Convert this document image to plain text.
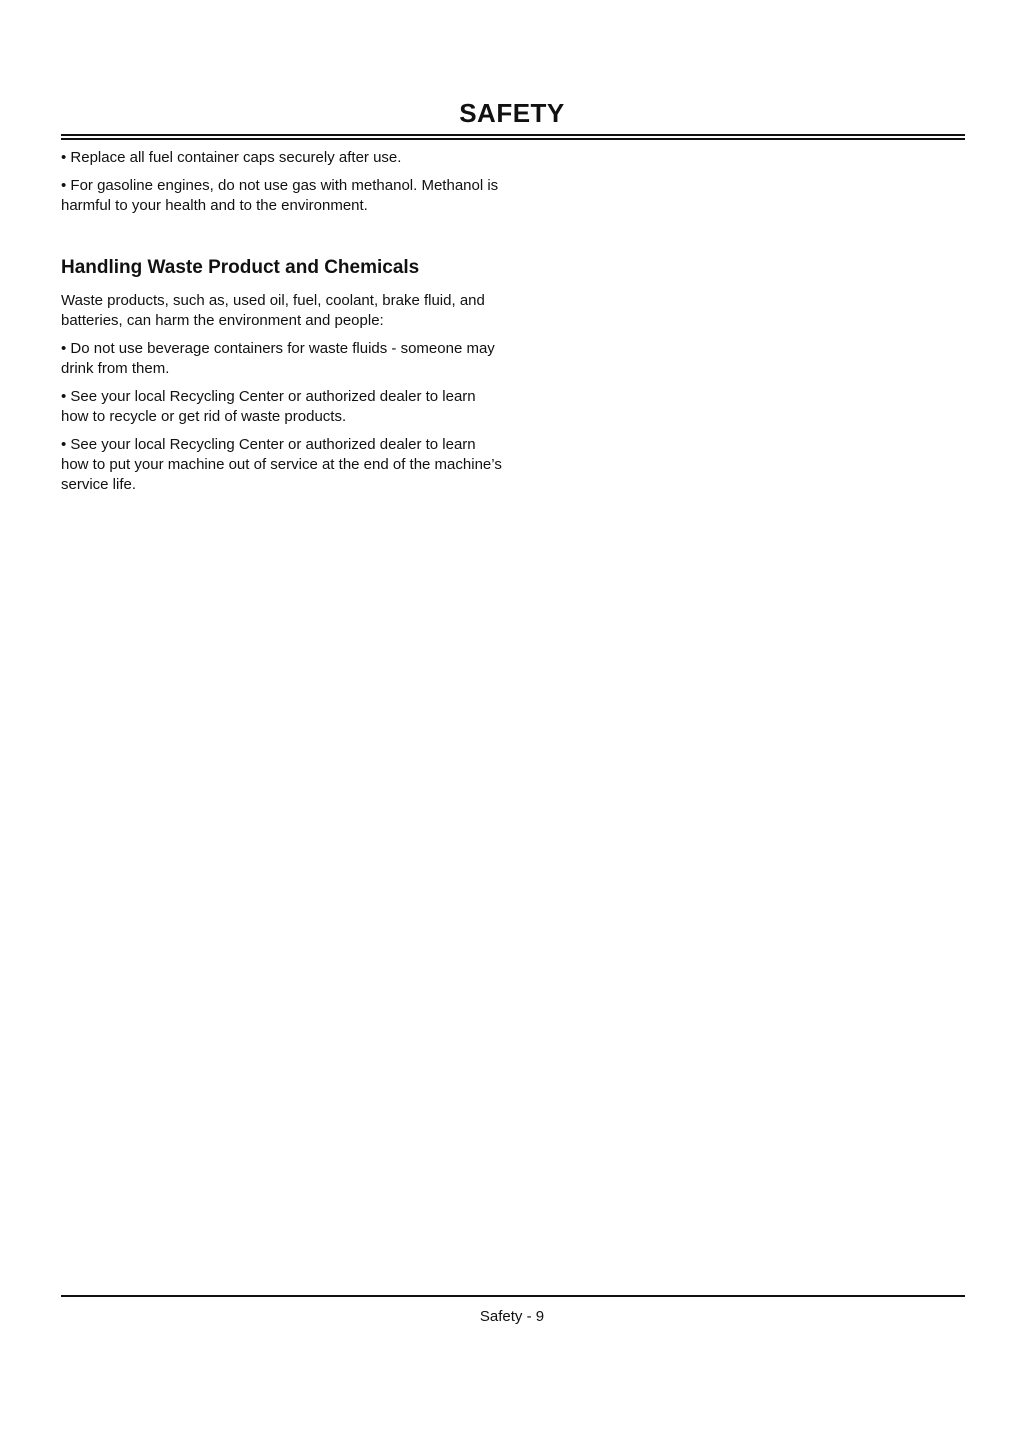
SAFETY

• Replace all fuel container caps securely after use.

• For gasoline engines, do not use gas with methanol. Methanol is harmful to your health and to the environment.

Handling Waste Product and Chemicals

Waste products, such as, used oil, fuel, coolant, brake fluid, and batteries, can harm the environment and people:

• Do not use beverage containers for waste fluids - someone may drink from them.

• See your local Recycling Center or authorized dealer to learn how to recycle or get rid of waste products.

• See your local Recycling Center or authorized dealer to learn how to put your machine out of service at the end of the machine’s service life.

Safety - 9
